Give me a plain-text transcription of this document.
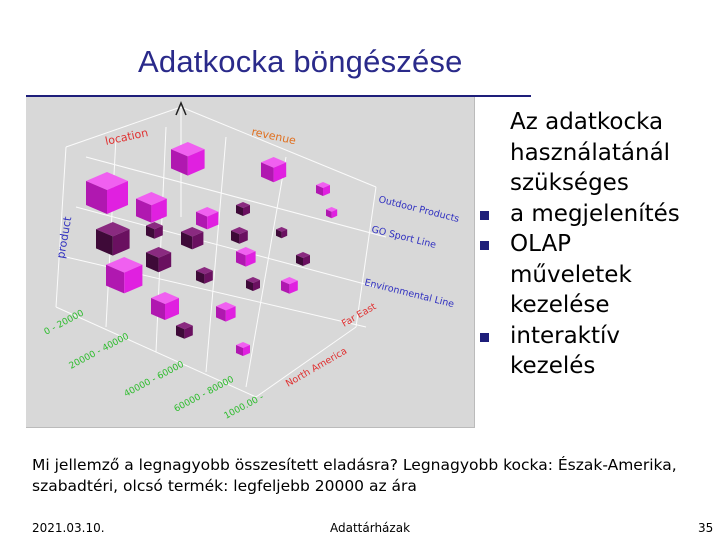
Adatkocka böngészése
location	revenue
product
Outdoor Products
GO Sport Line
Environmental Line
Far East
North America
0 - 20000
20000 - 40000
40000 - 60000
60000 - 80000
1000.00 -
Az adatkocka használatánál szükséges
a megjelenítés
OLAP műveletek kezelése
interaktív kezelés
Mi jellemző a legnagyobb összesített eladásra? Legnagyobb kocka: Észak-Amerika, szabadtéri, olcsó termék: legfeljebb 20000 az ára
2021.03.10.	Adattárházak	35
